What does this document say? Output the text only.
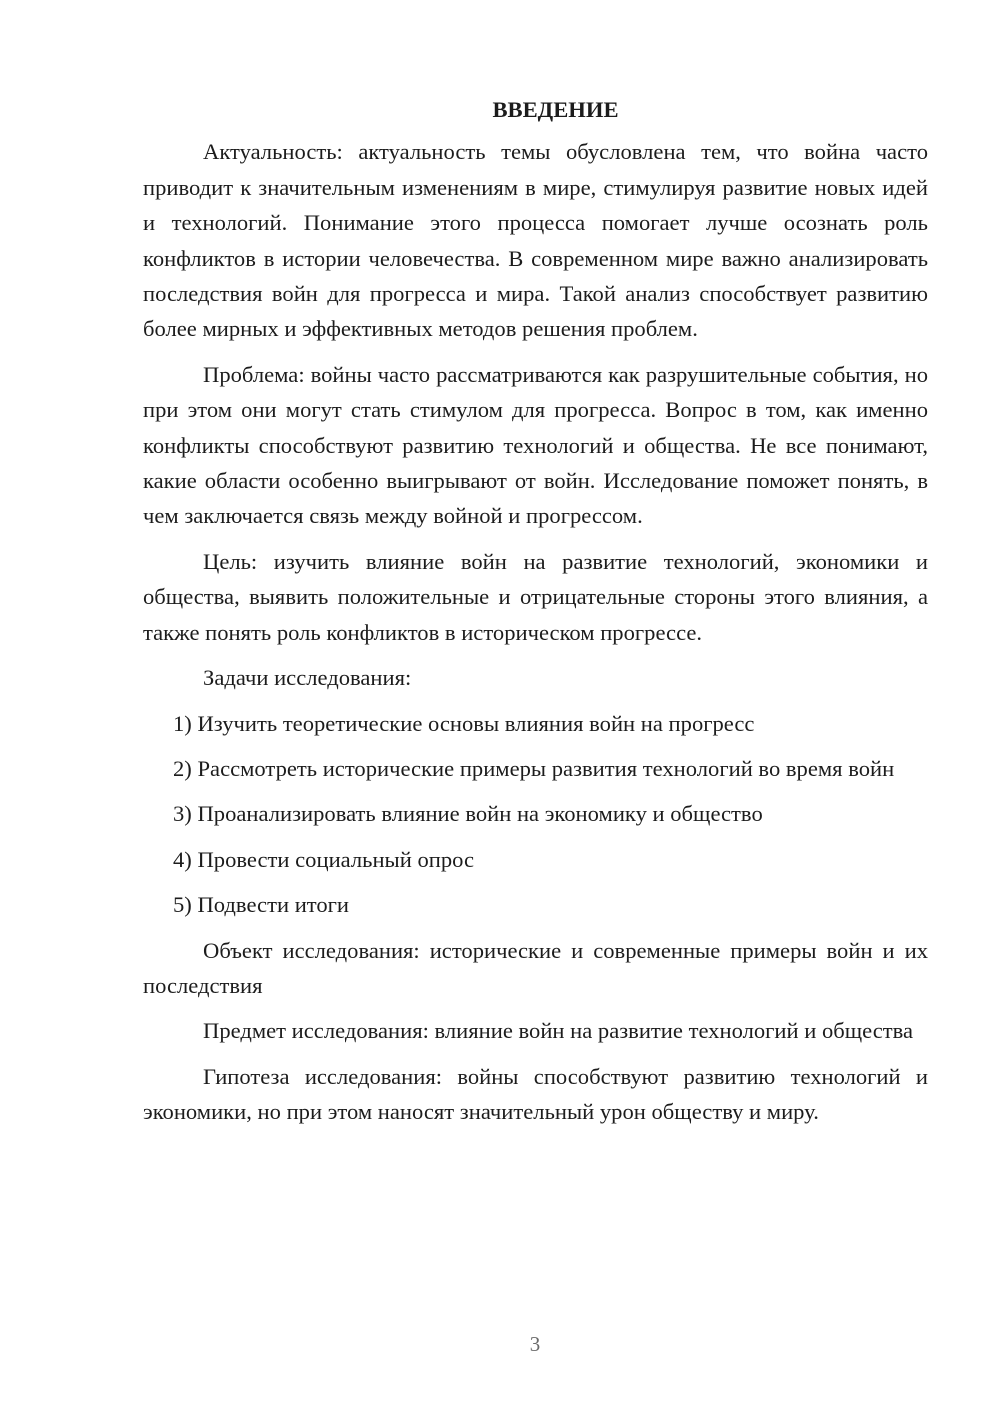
ВВЕДЕНИЕ

Актуальность: актуальность темы обусловлена тем, что война часто приводит к значительным изменениям в мире, стимулируя развитие новых идей и технологий. Понимание этого процесса помогает лучше осознать роль конфликтов в истории человечества. В современном мире важно анализировать последствия войн для прогресса и мира. Такой анализ способствует развитию более мирных и эффективных методов решения проблем.

Проблема: войны часто рассматриваются как разрушительные события, но при этом они могут стать стимулом для прогресса. Вопрос в том, как именно конфликты способствуют развитию технологий и общества. Не все понимают, какие области особенно выигрывают от войн. Исследование поможет понять, в чем заключается связь между войной и прогрессом.

Цель: изучить влияние войн на развитие технологий, экономики и общества, выявить положительные и отрицательные стороны этого влияния, а также понять роль конфликтов в историческом прогрессе.

Задачи исследования:

1) Изучить теоретические основы влияния войн на прогресс

2) Рассмотреть исторические примеры развития технологий во время войн

3) Проанализировать влияние войн на экономику и общество

4) Провести социальный опрос

5) Подвести итоги

Объект исследования: исторические и современные примеры войн и их последствия

Предмет исследования: влияние войн на развитие технологий и общества

Гипотеза исследования: войны способствуют развитию технологий и экономики, но при этом наносят значительный урон обществу и миру.

3
